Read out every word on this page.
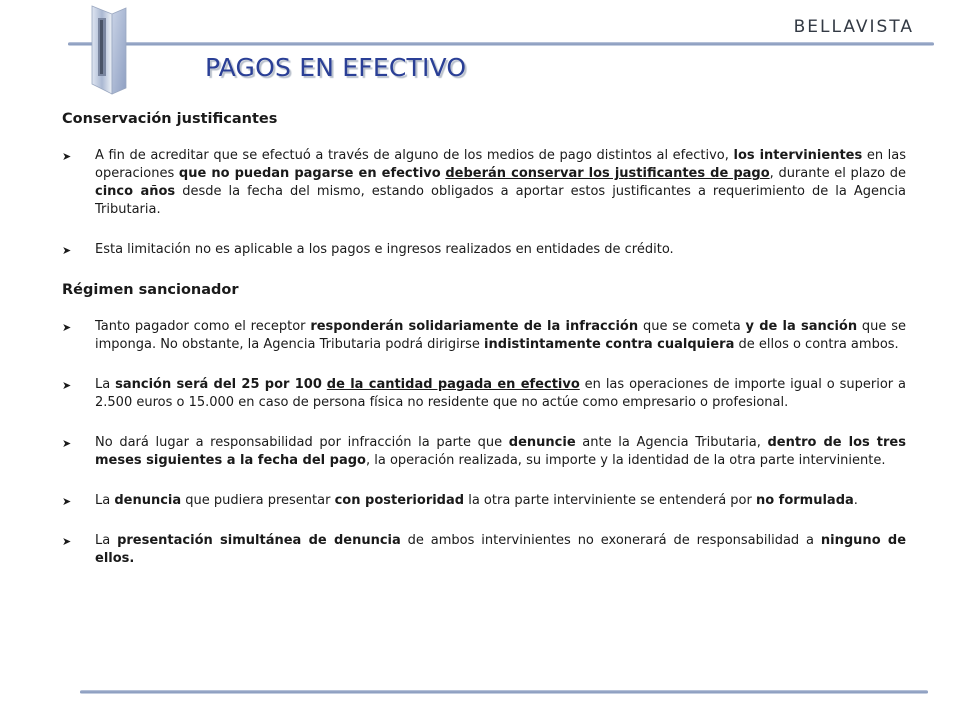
BELLAVISTA
PAGOS EN EFECTIVO
Conservación justificantes
➤ A fin de acreditar que se efectuó a través de alguno de los medios de pago distintos al efectivo, los intervinientes en las operaciones que no puedan pagarse en efectivo deberán conservar los justificantes de pago, durante el plazo de cinco años desde la fecha del mismo, estando obligados a aportar estos justificantes a requerimiento de la Agencia Tributaria.
➤ Esta limitación no es aplicable a los pagos e ingresos realizados en entidades de crédito.
Régimen sancionador
➤ Tanto pagador como el receptor responderán solidariamente de la infracción que se cometa y de la sanción que se imponga. No obstante, la Agencia Tributaria podrá dirigirse indistintamente contra cualquiera de ellos o contra ambos.
➤ La sanción será del 25 por 100 de la cantidad pagada en efectivo en las operaciones de importe igual o superior a 2.500 euros o 15.000 en caso de persona física no residente que no actúe como empresario o profesional.
➤ No dará lugar a responsabilidad por infracción la parte que denuncie ante la Agencia Tributaria, dentro de los tres meses siguientes a la fecha del pago, la operación realizada, su importe y la identidad de la otra parte interviniente.
➤ La denuncia que pudiera presentar con posterioridad la otra parte interviniente se entenderá por no formulada.
➤ La presentación simultánea de denuncia de ambos intervinientes no exonerará de responsabilidad a ninguno de ellos.
